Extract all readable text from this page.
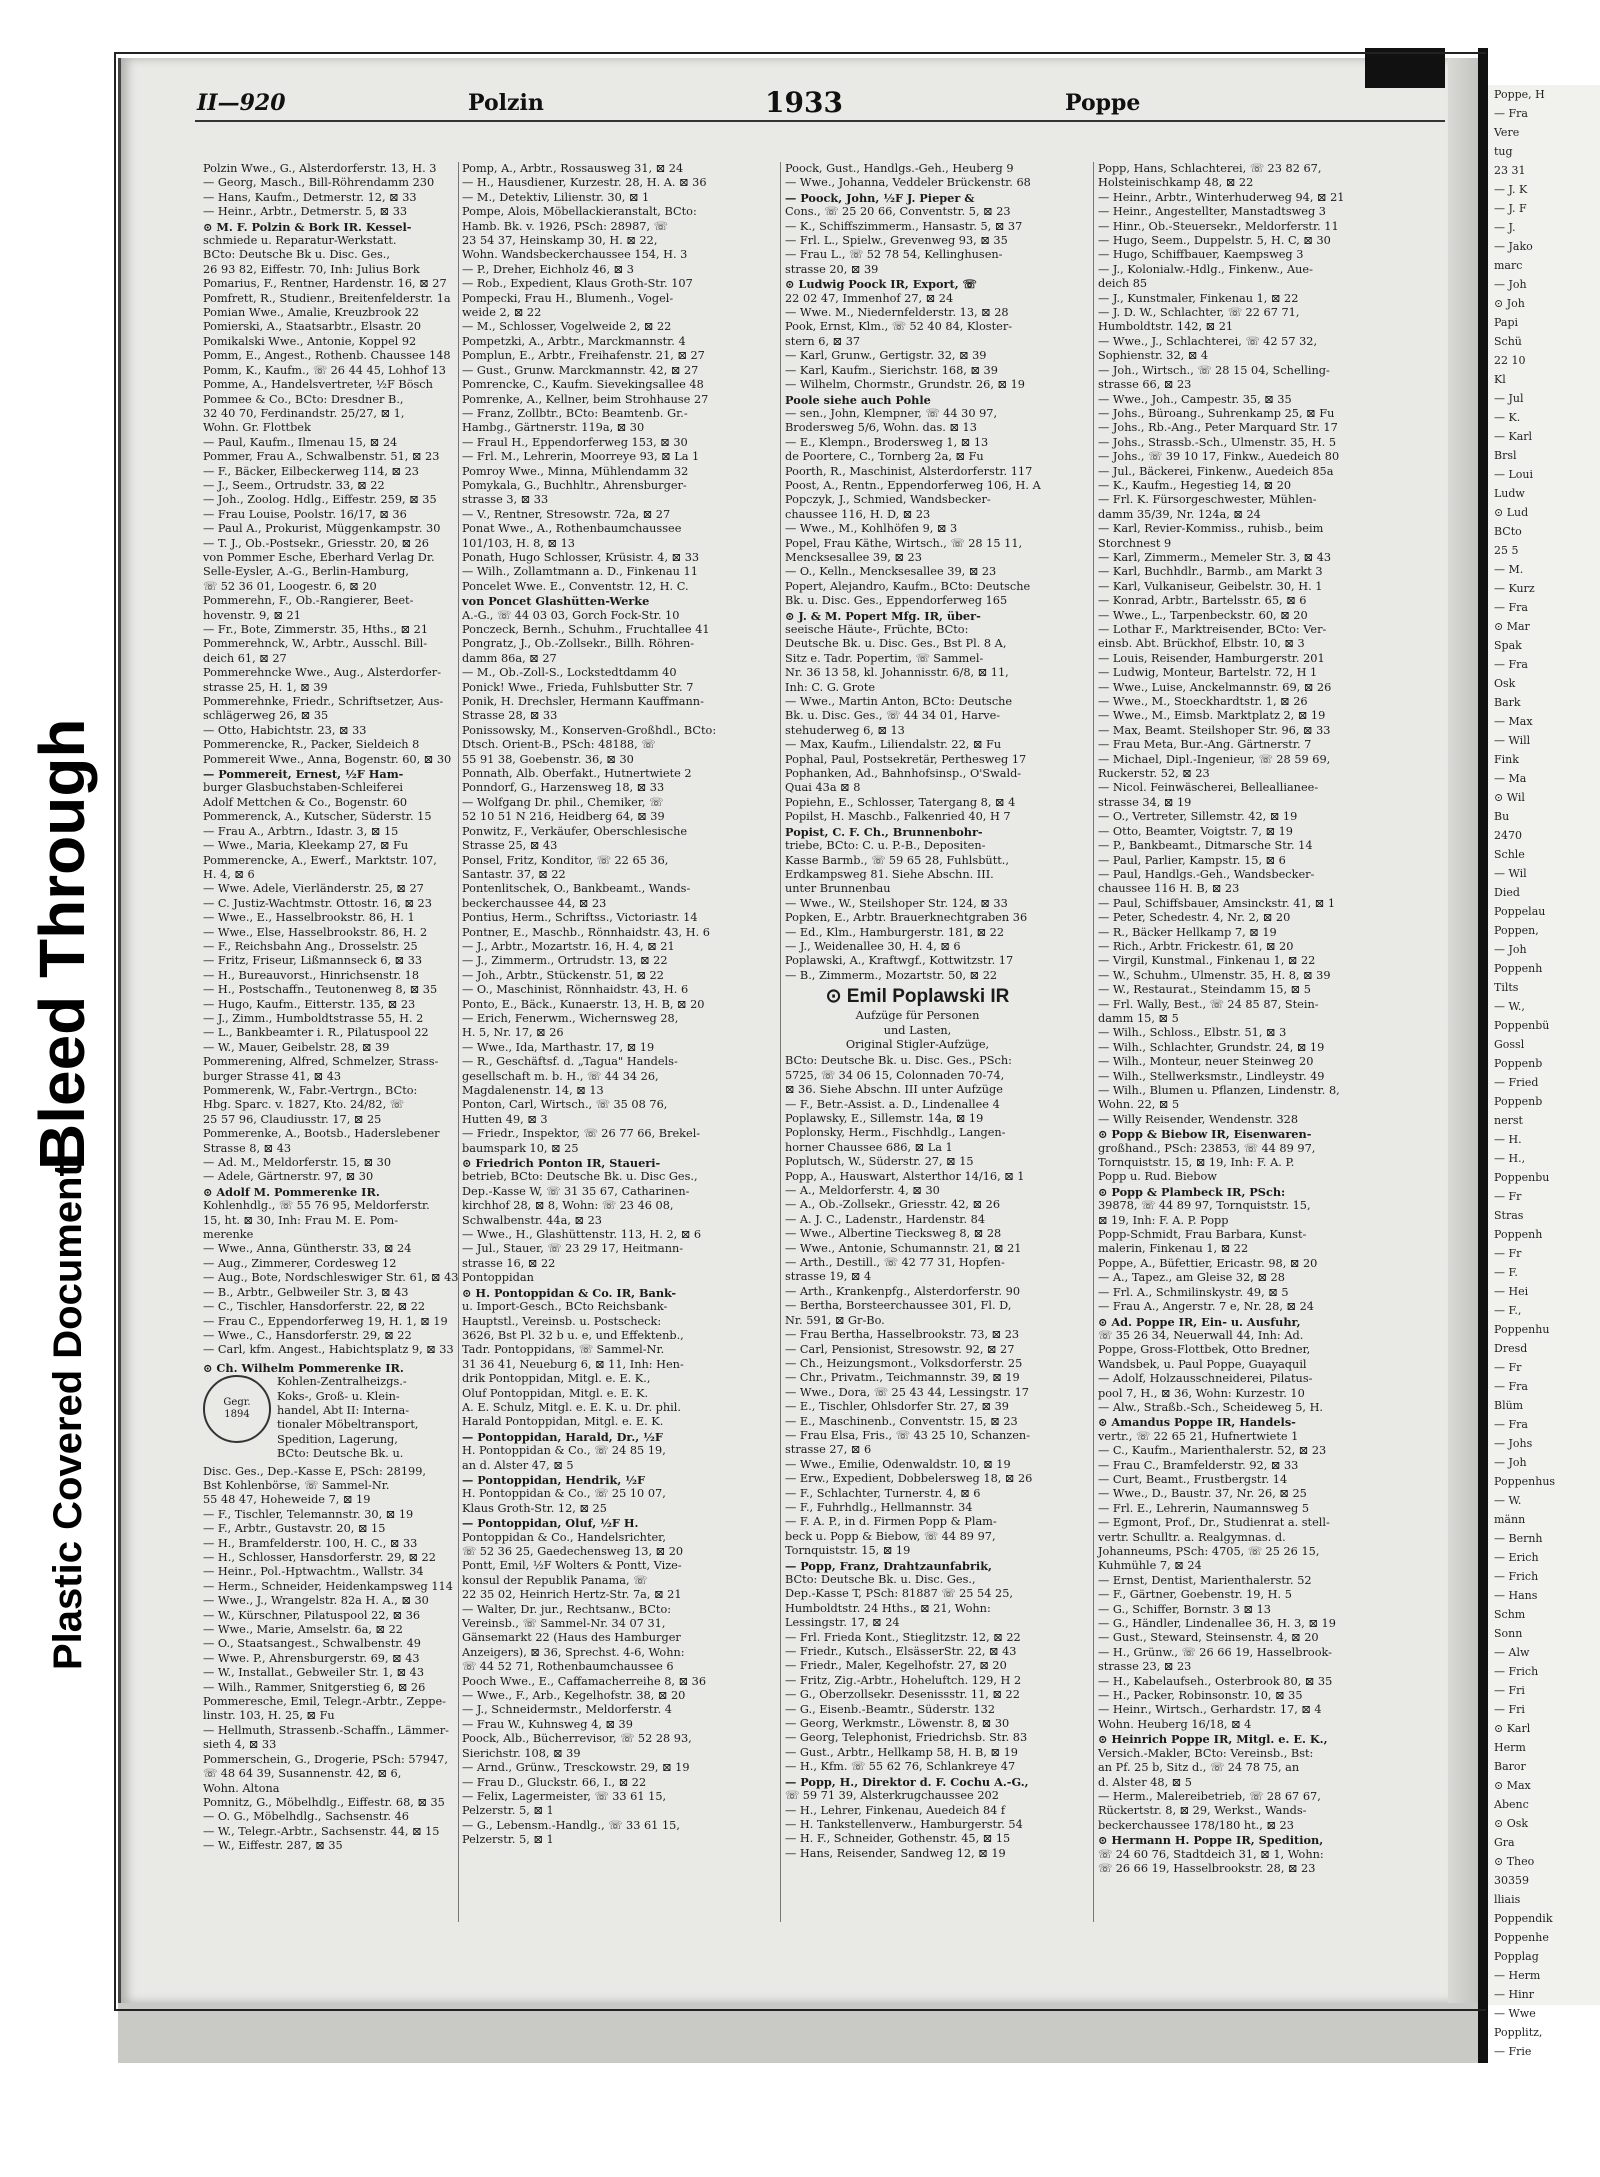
Bleed Through
Plastic Covered Document
Poppe, H
— Fra
Vere
tug
23 31
— J. K
— J. F
— J.
— Jako
marc
— Joh
⊙ Joh
Papi
Schü
22 10
Kl
— Jul
— K.
— Karl
Brsl
— Loui
Ludw
⊙ Lud
BCto
25 5
— M.
— Kurz
— Fra
⊙ Mar
Spak
— Fra
Osk
Bark
— Max
— Will
Fink
— Ma
⊙ Wil
Bu
2470
Schle
— Wil
Died
Poppelau
Poppen,
— Joh
Poppenh
Tilts
— W.,
Poppenbü
Gossl
Poppenb
— Fried
Poppenb
nerst
— H.
— H.,
Poppenbu
— Fr
Stras
Poppenh
— Fr
— F.
— Hei
— F.,
Poppenhu
Dresd
— Fr
— Fra
Blüm
— Fra
— Johs
— Joh
Poppenhus
— W.
männ
— Bernh
— Erich
— Frich
— Hans
Schm
Sonn
— Alw
— Frich
— Fri
— Fri
⊙ Karl
Herm
Baror
⊙ Max
Abenc
⊙ Osk
Gra
⊙ Theo
30359
lliais
Poppendik
Poppenhe
Popplag
— Herm
— Hinr
— Wwe
Popplitz,
— Frie
II—920	Polzin	1933	Poppe
Polzin Wwe., G., Alsterdorferstr. 13, H. 3
— Georg, Masch., Bill-Röhrendamm 230
— Hans, Kaufm., Detmerstr. 12, ⊠ 33
— Heinr., Arbtr., Detmerstr. 5, ⊠ 33
⊙ M. F. Polzin & Bork IR. Kessel-
schmiede u. Reparatur-Werkstatt.
BCto: Deutsche Bk u. Disc. Ges.,
26 93 82, Eiffestr. 70, Inh: Julius Bork
Pomarius, F., Rentner, Hardenstr. 16, ⊠ 27
Pomfrett, R., Studienr., Breitenfelderstr. 1a
Pomian Wwe., Amalie, Kreuzbrook 22
Pomierski, A., Staatsarbtr., Elsastr. 20
Pomikalski Wwe., Antonie, Koppel 92
Pomm, E., Angest., Rothenb. Chaussee 148
Pomm, K., Kaufm., ☏ 26 44 45, Lohhof 13
Pomme, A., Handelsvertreter, ½F Bösch
Pommee & Co., BCto: Dresdner B.,
32 40 70, Ferdinandstr. 25/27, ⊠ 1,
Wohn. Gr. Flottbek
— Paul, Kaufm., Ilmenau 15, ⊠ 24
Pommer, Frau A., Schwalbenstr. 51, ⊠ 23
— F., Bäcker, Eilbeckerweg 114, ⊠ 23
— J., Seem., Ortrudstr. 33, ⊠ 22
— Joh., Zoolog. Hdlg., Eiffestr. 259, ⊠ 35
— Frau Louise, Poolstr. 16/17, ⊠ 36
— Paul A., Prokurist, Müggenkampstr. 30
— T. J., Ob.-Postsekr., Griesstr. 20, ⊠ 26
von Pommer Esche, Eberhard Verlag Dr.
Selle-Eysler, A.-G., Berlin-Hamburg,
☏ 52 36 01, Loogestr. 6, ⊠ 20
Pommerehn, F., Ob.-Rangierer, Beet-
hovenstr. 9, ⊠ 21
— Fr., Bote, Zimmerstr. 35, Hths., ⊠ 21
Pommerehnck, W., Arbtr., Ausschl. Bill-
deich 61, ⊠ 27
Pommerehncke Wwe., Aug., Alsterdorfer-
strasse 25, H. 1, ⊠ 39
Pommerehnke, Friedr., Schriftsetzer, Aus-
schlägerweg 26, ⊠ 35
— Otto, Habichtstr. 23, ⊠ 33
Pommerencke, R., Packer, Sieldeich 8
Pommereit Wwe., Anna, Bogenstr. 60, ⊠ 30
— Pommereit, Ernest, ½F Ham-
burger Glasbuchstaben-Schleiferei
Adolf Mettchen & Co., Bogenstr. 60
Pommerenck, A., Kutscher, Süderstr. 15
— Frau A., Arbtrn., Idastr. 3, ⊠ 15
— Wwe., Maria, Kleekamp 27, ⊠ Fu
Pommerencke, A., Ewerf., Marktstr. 107,
H. 4, ⊠ 6
— Wwe. Adele, Vierländerstr. 25, ⊠ 27
— C. Justiz-Wachtmstr. Ottostr. 16, ⊠ 23
— Wwe., E., Hasselbrookstr. 86, H. 1
— Wwe., Else, Hasselbrookstr. 86, H. 2
— F., Reichsbahn Ang., Drosselstr. 25
— Fritz, Friseur, Lißmannseck 6, ⊠ 33
— H., Bureauvorst., Hinrichsenstr. 18
— H., Postschaffn., Teutonenweg 8, ⊠ 35
— Hugo, Kaufm., Eitterstr. 135, ⊠ 23
— J., Zimm., Humboldtstrasse 55, H. 2
— L., Bankbeamter i. R., Pilatuspool 22
— W., Mauer, Geibelstr. 28, ⊠ 39
Pommerening, Alfred, Schmelzer, Strass-
burger Strasse 41, ⊠ 43
Pommerenk, W., Fabr.-Vertrgn., BCto:
Hbg. Sparc. v. 1827, Kto. 24/82, ☏
25 57 96, Claudiusstr. 17, ⊠ 25
Pommerenke, A., Bootsb., Haderslebener
Strasse 8, ⊠ 43
— Ad. M., Meldorferstr. 15, ⊠ 30
— Adele, Gärtnerstr. 97, ⊠ 30
⊙ Adolf M. Pommerenke IR.
Kohlenhdlg., ☏ 55 76 95, Meldorferstr.
15, ht. ⊠ 30, Inh: Frau M. E. Pom-
merenke
— Wwe., Anna, Güntherstr. 33, ⊠ 24
— Aug., Zimmerer, Cordesweg 12
— Aug., Bote, Nordschleswiger Str. 61, ⊠ 43
— B., Arbtr., Gelbweiler Str. 3, ⊠ 43
— C., Tischler, Hansdorferstr. 22, ⊠ 22
— Frau C., Eppendorferweg 19, H. 1, ⊠ 19
— Wwe., C., Hansdorferstr. 29, ⊠ 22
— Carl, kfm. Angest., Habichtsplatz 9, ⊠ 33
⊙ Ch. Wilhelm Pommerenke IR.
Gegr.
1894
Kohlen-Zentralheizgs.-
Koks-, Groß- u. Klein-
handel, Abt II: Interna-
tionaler Möbeltransport,
Spedition, Lagerung,
BCto: Deutsche Bk. u.
Disc. Ges., Dep.-Kasse E, PSch: 28199,
Bst Kohlenbörse, ☏ Sammel-Nr.
55 48 47, Hoheweide 7, ⊠ 19
— F., Tischler, Telemannstr. 30, ⊠ 19
— F., Arbtr., Gustavstr. 20, ⊠ 15
— H., Bramfelderstr. 100, H. C., ⊠ 33
— H., Schlosser, Hansdorferstr. 29, ⊠ 22
— Heinr., Pol.-Hptwachtm., Wallstr. 34
— Herm., Schneider, Heidenkampsweg 114
— Wwe., J., Wrangelstr. 82a H. A., ⊠ 30
— W., Kürschner, Pilatuspool 22, ⊠ 36
— Wwe., Marie, Amselstr. 6a, ⊠ 22
— O., Staatsangest., Schwalbenstr. 49
— Wwe. P., Ahrensburgerstr. 69, ⊠ 43
— W., Installat., Gebweiler Str. 1, ⊠ 43
— Wilh., Rammer, Snitgerstieg 6, ⊠ 26
Pommeresche, Emil, Telegr.-Arbtr., Zeppe-
linstr. 103, H. 25, ⊠ Fu
— Hellmuth, Strassenb.-Schaffn., Lämmer-
sieth 4, ⊠ 33
Pommerschein, G., Drogerie, PSch: 57947,
☏ 48 64 39, Susannenstr. 42, ⊠ 6,
Wohn. Altona
Pomnitz, G., Möbelhdlg., Eiffestr. 68, ⊠ 35
— O. G., Möbelhdlg., Sachsenstr. 46
— W., Telegr.-Arbtr., Sachsenstr. 44, ⊠ 15
— W., Eiffestr. 287, ⊠ 35
Pomp, A., Arbtr., Rossausweg 31, ⊠ 24
— H., Hausdiener, Kurzestr. 28, H. A. ⊠ 36
— M., Detektiv, Lilienstr. 30, ⊠ 1
Pompe, Alois, Möbellackieranstalt, BCto:
Hamb. Bk. v. 1926, PSch: 28987, ☏
23 54 37, Heinskamp 30, H. ⊠ 22,
Wohn. Wandsbeckerchaussee 154, H. 3
— P., Dreher, Eichholz 46, ⊠ 3
— Rob., Expedient, Klaus Groth-Str. 107
Pompecki, Frau H., Blumenh., Vogel-
weide 2, ⊠ 22
— M., Schlosser, Vogelweide 2, ⊠ 22
Pompetzki, A., Arbtr., Marckmannstr. 4
Pomplun, E., Arbtr., Freihafenstr. 21, ⊠ 27
— Gust., Grunw. Marckmannstr. 42, ⊠ 27
Pomrencke, C., Kaufm. Sievekingsallee 48
Pomrenke, A., Kellner, beim Strohhause 27
— Franz, Zollbtr., BCto: Beamtenb. Gr.-
Hambg., Gärtnerstr. 119a, ⊠ 30
— Fraul H., Eppendorferweg 153, ⊠ 30
— Frl. M., Lehrerin, Moorreye 93, ⊠ La 1
Pomroy Wwe., Minna, Mühlendamm 32
Pomykala, G., Buchhltr., Ahrensburger-
strasse 3, ⊠ 33
— V., Rentner, Stresowstr. 72a, ⊠ 27
Ponat Wwe., A., Rothenbaumchaussee
101/103, H. 8, ⊠ 13
Ponath, Hugo Schlosser, Krüsistr. 4, ⊠ 33
— Wilh., Zollamtmann a. D., Finkenau 11
Poncelet Wwe. E., Conventstr. 12, H. C.
von Poncet Glashütten-Werke
A.-G., ☏ 44 03 03, Gorch Fock-Str. 10
Ponczeck, Bernh., Schuhm., Fruchtallee 41
Pongratz, J., Ob.-Zollsekr., Billh. Röhren-
damm 86a, ⊠ 27
— M., Ob.-Zoll-S., Lockstedtdamm 40
Ponick! Wwe., Frieda, Fuhlsbutter Str. 7
Ponik, H. Drechsler, Hermann Kauffmann-
Strasse 28, ⊠ 33
Ponissowsky, M., Konserven-Großhdl., BCto:
Dtsch. Orient-B., PSch: 48188, ☏
55 91 38, Goebenstr. 36, ⊠ 30
Ponnath, Alb. Oberfakt., Hutnertwiete 2
Ponndorf, G., Harzensweg 18, ⊠ 33
— Wolfgang Dr. phil., Chemiker, ☏
52 10 51 N 216, Heidberg 64, ⊠ 39
Ponwitz, F., Verkäufer, Oberschlesische
Strasse 25, ⊠ 43
Ponsel, Fritz, Konditor, ☏ 22 65 36,
Santastr. 37, ⊠ 22
Pontenlitschek, O., Bankbeamt., Wands-
beckerchaussee 44, ⊠ 23
Pontius, Herm., Schriftss., Victoriastr. 14
Pontner, E., Maschb., Rönnhaidstr. 43, H. 6
— J., Arbtr., Mozartstr. 16, H. 4, ⊠ 21
— J., Zimmerm., Ortrudstr. 13, ⊠ 22
— Joh., Arbtr., Stückenstr. 51, ⊠ 22
— O., Maschinist, Rönnhaidstr. 43, H. 6
Ponto, E., Bäck., Kunaerstr. 13, H. B, ⊠ 20
— Erich, Fenerwm., Wichernsweg 28,
H. 5, Nr. 17, ⊠ 26
— Wwe., Ida, Marthastr. 17, ⊠ 19
— R., Geschäftsf. d. „Tagua" Handels-
gesellschaft m. b. H., ☏ 44 34 26,
Magdalenenstr. 14, ⊠ 13
Ponton, Carl, Wirtsch., ☏ 35 08 76,
Hutten 49, ⊠ 3
— Friedr., Inspektor, ☏ 26 77 66, Brekel-
baumspark 10, ⊠ 25
⊙ Friedrich Ponton IR, Staueri-
betrieb, BCto: Deutsche Bk. u. Disc Ges.,
Dep.-Kasse W, ☏ 31 35 67, Catharinen-
kirchhof 28, ⊠ 8, Wohn: ☏ 23 46 08,
Schwalbenstr. 44a, ⊠ 23
— Wwe., H., Glashüttenstr. 113, H. 2, ⊠ 6
— Jul., Stauer, ☏ 23 29 17, Heitmann-
strasse 16, ⊠ 22
Pontoppidan
⊙ H. Pontoppidan & Co. IR, Bank-
u. Import-Gesch., BCto Reichsbank-
Hauptstl., Vereinsb. u. Postscheck:
3626, Bst Pl. 32 b u. e, und Effektenb.,
Tadr. Pontoppidans, ☏ Sammel-Nr.
31 36 41, Neueburg 6, ⊠ 11, Inh: Hen-
drik Pontoppidan, Mitgl. e. E. K.,
Oluf Pontoppidan, Mitgl. e. E. K.
A. E. Schulz, Mitgl. e. E. K. u. Dr. phil.
Harald Pontoppidan, Mitgl. e. E. K.
— Pontoppidan, Harald, Dr., ½F
H. Pontoppidan & Co., ☏ 24 85 19,
an d. Alster 47, ⊠ 5
— Pontoppidan, Hendrik, ½F
H. Pontoppidan & Co., ☏ 25 10 07,
Klaus Groth-Str. 12, ⊠ 25
— Pontoppidan, Oluf, ½F H.
Pontoppidan & Co., Handelsrichter,
☏ 52 36 25, Gaedechensweg 13, ⊠ 20
Pontt, Emil, ½F Wolters & Pontt, Vize-
konsul der Republik Panama, ☏
22 35 02, Heinrich Hertz-Str. 7a, ⊠ 21
— Walter, Dr. jur., Rechtsanw., BCto:
Vereinsb., ☏ Sammel-Nr. 34 07 31,
Gänsemarkt 22 (Haus des Hamburger
Anzeigers), ⊠ 36, Sprechst. 4-6, Wohn:
☏ 44 52 71, Rothenbaumchaussee 6
Pooch Wwe., E., Caffamacherreihe 8, ⊠ 36
— Wwe., F., Arb., Kegelhofstr. 38, ⊠ 20
— J., Schneidermstr., Meldorferstr. 4
— Frau W., Kuhnsweg 4, ⊠ 39
Poock, Alb., Bücherrevisor, ☏ 52 28 93,
Sierichstr. 108, ⊠ 39
— Arnd., Grünw., Tresckowstr. 29, ⊠ 19
— Frau D., Gluckstr. 66, I., ⊠ 22
— Felix, Lagermeister, ☏ 33 61 15,
Pelzerstr. 5, ⊠ 1
— G., Lebensm.-Handlg., ☏ 33 61 15,
Pelzerstr. 5, ⊠ 1
Poock, Gust., Handlgs.-Geh., Heuberg 9
— Wwe., Johanna, Veddeler Brückenstr. 68
— Poock, John, ½F J. Pieper &
Cons., ☏ 25 20 66, Conventstr. 5, ⊠ 23
— K., Schiffszimmerm., Hansastr. 5, ⊠ 37
— Frl. L., Spielw., Grevenweg 93, ⊠ 35
— Frau L., ☏ 52 78 54, Kellinghusen-
strasse 20, ⊠ 39
⊙ Ludwig Poock IR, Export, ☏
22 02 47, Immenhof 27, ⊠ 24
— Wwe. M., Niedernfelderstr. 13, ⊠ 28
Pook, Ernst, Klm., ☏ 52 40 84, Kloster-
stern 6, ⊠ 37
— Karl, Grunw., Gertigstr. 32, ⊠ 39
— Karl, Kaufm., Sierichstr. 168, ⊠ 39
— Wilhelm, Chormstr., Grundstr. 26, ⊠ 19
Poole siehe auch Pohle
— sen., John, Klempner, ☏ 44 30 97,
Brodersweg 5/6, Wohn. das. ⊠ 13
— E., Klempn., Brodersweg 1, ⊠ 13
de Poortere, C., Tornberg 2a, ⊠ Fu
Poorth, R., Maschinist, Alsterdorferstr. 117
Poost, A., Rentn., Eppendorferweg 106, H. A
Popczyk, J., Schmied, Wandsbecker-
chaussee 116, H. D, ⊠ 23
— Wwe., M., Kohlhöfen 9, ⊠ 3
Popel, Frau Käthe, Wirtsch., ☏ 28 15 11,
Mencksesallee 39, ⊠ 23
— O., Kelln., Mencksesallee 39, ⊠ 23
Popert, Alejandro, Kaufm., BCto: Deutsche
Bk. u. Disc. Ges., Eppendorferweg 165
⊙ J. & M. Popert Mfg. IR, über-
seeische Häute-, Früchte, BCto:
Deutsche Bk. u. Disc. Ges., Bst Pl. 8 A,
Sitz e. Tadr. Popertim, ☏ Sammel-
Nr. 36 13 58, kl. Johannisstr. 6/8, ⊠ 11,
Inh: C. G. Grote
— Wwe., Martin Anton, BCto: Deutsche
Bk. u. Disc. Ges., ☏ 44 34 01, Harve-
stehuderweg 6, ⊠ 13
— Max, Kaufm., Liliendalstr. 22, ⊠ Fu
Pophal, Paul, Postsekretär, Perthesweg 17
Pophanken, Ad., Bahnhofsinsp., O'Swald-
Quai 43a ⊠ 8
Popiehn, E., Schlosser, Tatergang 8, ⊠ 4
Popilst, H. Maschb., Falkenried 40, H 7
Popist, C. F. Ch., Brunnenbohr-
triebe, BCto: C. u. P.-B., Depositen-
Kasse Barmb., ☏ 59 65 28, Fuhlsbütt.,
Erdkampsweg 81. Siehe Abschn. III.
unter Brunnenbau
— Wwe., W., Steilshoper Str. 124, ⊠ 33
Popken, E., Arbtr. Brauerknechtgraben 36
— Ed., Klm., Hamburgerstr. 181, ⊠ 22
— J., Weidenallee 30, H. 4, ⊠ 6
Poplawski, A., Kraftwgf., Kottwitzstr. 17
— B., Zimmerm., Mozartstr. 50, ⊠ 22
⊙ Emil Poplawski IR
Aufzüge für Personen
und Lasten,
Original Stigler-Aufzüge,
BCto: Deutsche Bk. u. Disc. Ges., PSch:
5725, ☏ 34 06 15, Colonnaden 70-74,
⊠ 36. Siehe Abschn. III unter Aufzüge
— F., Betr.-Assist. a. D., Lindenallee 4
Poplawsky, E., Sillemstr. 14a, ⊠ 19
Poplonsky, Herm., Fischhdlg., Langen-
horner Chaussee 686, ⊠ La 1
Poplutsch, W., Süderstr. 27, ⊠ 15
Popp, A., Hauswart, Alsterthor 14/16, ⊠ 1
— A., Meldorferstr. 4, ⊠ 30
— A., Ob.-Zollsekr., Griesstr. 42, ⊠ 26
— A. J. C., Ladenstr., Hardenstr. 84
— Wwe., Albertine Tiecksweg 8, ⊠ 28
— Wwe., Antonie, Schumannstr. 21, ⊠ 21
— Arth., Destill., ☏ 42 77 31, Hopfen-
strasse 19, ⊠ 4
— Arth., Krankenpfg., Alsterdorferstr. 90
— Bertha, Borsteerchaussee 301, Fl. D,
Nr. 591, ⊠ Gr-Bo.
— Frau Bertha, Hasselbrookstr. 73, ⊠ 23
— Carl, Pensionist, Stresowstr. 92, ⊠ 27
— Ch., Heizungsmont., Volksdorferstr. 25
— Chr., Privatm., Teichmannstr. 39, ⊠ 19
— Wwe., Dora, ☏ 25 43 44, Lessingstr. 17
— E., Tischler, Ohlsdorfer Str. 27, ⊠ 39
— E., Maschinenb., Conventstr. 15, ⊠ 23
— Frau Elsa, Fris., ☏ 43 25 10, Schanzen-
strasse 27, ⊠ 6
— Wwe., Emilie, Odenwaldstr. 10, ⊠ 19
— Erw., Expedient, Dobbelersweg 18, ⊠ 26
— F., Schlachter, Turnerstr. 4, ⊠ 6
— F., Fuhrhdlg., Hellmannstr. 34
— F. A. P., in d. Firmen Popp & Plam-
beck u. Popp & Biebow, ☏ 44 89 97,
Tornquiststr. 15, ⊠ 19
— Popp, Franz, Drahtzaunfabrik,
BCto: Deutsche Bk. u. Disc. Ges.,
Dep.-Kasse T, PSch: 81887 ☏ 25 54 25,
Humboldtstr. 24 Hths., ⊠ 21, Wohn:
Lessingstr. 17, ⊠ 24
— Frl. Frieda Kont., Stieglitzstr. 12, ⊠ 22
— Friedr., Kutsch., ElsässerStr. 22, ⊠ 43
— Friedr., Maler, Kegelhofstr. 27, ⊠ 20
— Fritz, Zig.-Arbtr., Hoheluftch. 129, H 2
— G., Oberzollsekr. Desenissstr. 11, ⊠ 22
— G., Eisenb.-Beamtr., Süderstr. 132
— Georg, Werkmstr., Löwenstr. 8, ⊠ 30
— Georg, Telephonist, Friedrichsb. Str. 83
— Gust., Arbtr., Hellkamp 58, H. B, ⊠ 19
— H., Kfm. ☏ 55 62 76, Schlankreye 47
— Popp, H., Direktor d. F. Cochu A.-G.,
☏ 59 71 39, Alsterkrugchaussee 202
— H., Lehrer, Finkenau, Auedeich 84 f
— H. Tankstellenverw., Hamburgerstr. 54
— H. F., Schneider, Gothenstr. 45, ⊠ 15
— Hans, Reisender, Sandweg 12, ⊠ 19
Popp, Hans, Schlachterei, ☏ 23 82 67,
Holsteinischkamp 48, ⊠ 22
— Heinr., Arbtr., Winterhuderweg 94, ⊠ 21
— Heinr., Angestellter, Manstadtsweg 3
— Hinr., Ob.-Steuersekr., Meldorferstr. 11
— Hugo, Seem., Duppelstr. 5, H. C, ⊠ 30
— Hugo, Schiffbauer, Kaempsweg 3
— J., Kolonialw.-Hdlg., Finkenw., Aue-
deich 85
— J., Kunstmaler, Finkenau 1, ⊠ 22
— J. D. W., Schlachter, ☏ 22 67 71,
Humboldtstr. 142, ⊠ 21
— Wwe., J., Schlachterei, ☏ 42 57 32,
Sophienstr. 32, ⊠ 4
— Joh., Wirtsch., ☏ 28 15 04, Schelling-
strasse 66, ⊠ 23
— Wwe., Joh., Campestr. 35, ⊠ 35
— Johs., Büroang., Suhrenkamp 25, ⊠ Fu
— Johs., Rb.-Ang., Peter Marquard Str. 17
— Johs., Strassb.-Sch., Ulmenstr. 35, H. 5
— Johs., ☏ 39 10 17, Finkw., Auedeich 80
— Jul., Bäckerei, Finkenw., Auedeich 85a
— K., Kaufm., Hegestieg 14, ⊠ 20
— Frl. K. Fürsorgeschwester, Mühlen-
damm 35/39, Nr. 124a, ⊠ 24
— Karl, Revier-Kommiss., ruhisb., beim
Storchnest 9
— Karl, Zimmerm., Memeler Str. 3, ⊠ 43
— Karl, Buchhdlr., Barmb., am Markt 3
— Karl, Vulkaniseur, Geibelstr. 30, H. 1
— Konrad, Arbtr., Bartelsstr. 65, ⊠ 6
— Wwe., L., Tarpenbeckstr. 60, ⊠ 20
— Lothar F., Marktreisender, BCto: Ver-
einsb. Abt. Brückhof, Elbstr. 10, ⊠ 3
— Louis, Reisender, Hamburgerstr. 201
— Ludwig, Monteur, Bartelstr. 72, H 1
— Wwe., Luise, Anckelmannstr. 69, ⊠ 26
— Wwe., M., Stoeckhardtstr. 1, ⊠ 26
— Wwe., M., Eimsb. Marktplatz 2, ⊠ 19
— Max, Beamt. Steilshoper Str. 96, ⊠ 33
— Frau Meta, Bur.-Ang. Gärtnerstr. 7
— Michael, Dipl.-Ingenieur, ☏ 28 59 69,
Ruckerstr. 52, ⊠ 23
— Nicol. Feinwäscherei, Belleallianee-
strasse 34, ⊠ 19
— O., Vertreter, Sillemstr. 42, ⊠ 19
— Otto, Beamter, Voigtstr. 7, ⊠ 19
— P., Bankbeamt., Ditmarsche Str. 14
— Paul, Parlier, Kampstr. 15, ⊠ 6
— Paul, Handlgs.-Geh., Wandsbecker-
chaussee 116 H. B, ⊠ 23
— Paul, Schiffsbauer, Amsinckstr. 41, ⊠ 1
— Peter, Schedestr. 4, Nr. 2, ⊠ 20
— R., Bäcker Hellkamp 7, ⊠ 19
— Rich., Arbtr. Frickestr. 61, ⊠ 20
— Virgil, Kunstmal., Finkenau 1, ⊠ 22
— W., Schuhm., Ulmenstr. 35, H. 8, ⊠ 39
— W., Restaurat., Steindamm 15, ⊠ 5
— Frl. Wally, Best., ☏ 24 85 87, Stein-
damm 15, ⊠ 5
— Wilh., Schloss., Elbstr. 51, ⊠ 3
— Wilh., Schlachter, Grundstr. 24, ⊠ 19
— Wilh., Monteur, neuer Steinweg 20
— Wilh., Stellwerksmstr., Lindleystr. 49
— Wilh., Blumen u. Pflanzen, Lindenstr. 8,
Wohn. 22, ⊠ 5
— Willy Reisender, Wendenstr. 328
⊙ Popp & Biebow IR, Eisenwaren-
großhand., PSch: 23853, ☏ 44 89 97,
Tornquiststr. 15, ⊠ 19, Inh: F. A. P.
Popp u. Rud. Biebow
⊙ Popp & Plambeck IR, PSch:
39878, ☏ 44 89 97, Tornquiststr. 15,
⊠ 19, Inh: F. A. P. Popp
Popp-Schmidt, Frau Barbara, Kunst-
malerin, Finkenau 1, ⊠ 22
Poppe, A., Büfettier, Ericastr. 98, ⊠ 20
— A., Tapez., am Gleise 32, ⊠ 28
— Frl. A., Schmilinskystr. 49, ⊠ 5
— Frau A., Angerstr. 7 e, Nr. 28, ⊠ 24
⊙ Ad. Poppe IR, Ein- u. Ausfuhr,
☏ 35 26 34, Neuerwall 44, Inh: Ad.
Poppe, Gross-Flottbek, Otto Bredner,
Wandsbek, u. Paul Poppe, Guayaquil
— Adolf, Holzausschneiderei, Pilatus-
pool 7, H., ⊠ 36, Wohn: Kurzestr. 10
— Alw., Straßb.-Sch., Scheideweg 5, H.
⊙ Amandus Poppe IR, Handels-
vertr., ☏ 22 65 21, Hufnertwiete 1
— C., Kaufm., Marienthalerstr. 52, ⊠ 23
— Frau C., Bramfelderstr. 92, ⊠ 33
— Curt, Beamt., Frustbergstr. 14
— Wwe., D., Baustr. 37, Nr. 26, ⊠ 25
— Frl. E., Lehrerin, Naumannsweg 5
— Egmont, Prof., Dr., Studienrat a. stell-
vertr. Schulltr. a. Realgymnas. d.
Johanneums, PSch: 4705, ☏ 25 26 15,
Kuhmühle 7, ⊠ 24
— Ernst, Dentist, Marienthalerstr. 52
— F., Gärtner, Goebenstr. 19, H. 5
— G., Schiffer, Bornstr. 3 ⊠ 13
— G., Händler, Lindenallee 36, H. 3, ⊠ 19
— Gust., Steward, Steinsenstr. 4, ⊠ 20
— H., Grünw., ☏ 26 66 19, Hasselbrook-
strasse 23, ⊠ 23
— H., Kabelaufseh., Osterbrook 80, ⊠ 35
— H., Packer, Robinsonstr. 10, ⊠ 35
— Heinr., Wirtsch., Gerhardstr. 17, ⊠ 4
Wohn. Heuberg 16/18, ⊠ 4
⊙ Heinrich Poppe IR, Mitgl. e. E. K.,
Versich.-Makler, BCto: Vereinsb., Bst:
an Pf. 25 b, Sitz d., ☏ 24 78 75, an
d. Alster 48, ⊠ 5
— Herm., Malereibetrieb, ☏ 28 67 67,
Rückertstr. 8, ⊠ 29, Werkst., Wands-
beckerchaussee 178/180 ht., ⊠ 23
⊙ Hermann H. Poppe IR, Spedition,
☏ 24 60 76, Stadtdeich 31, ⊠ 1, Wohn:
☏ 26 66 19, Hasselbrookstr. 28, ⊠ 23
